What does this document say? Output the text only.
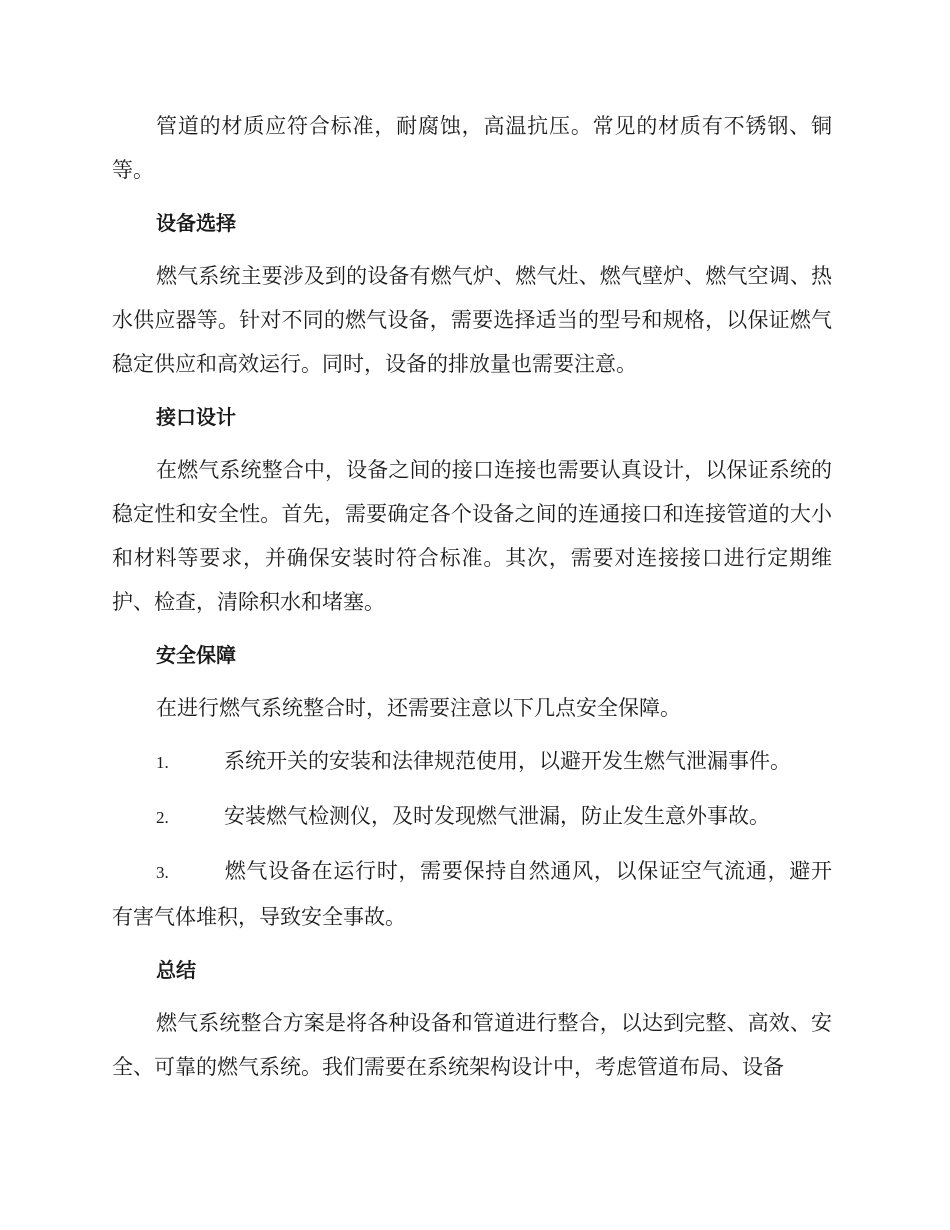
管道的材质应符合标准，耐腐蚀，高温抗压。常见的材质有不锈钢、铜等。

设备选择

燃气系统主要涉及到的设备有燃气炉、燃气灶、燃气壁炉、燃气空调、热水供应器等。针对不同的燃气设备，需要选择适当的型号和规格，以保证燃气稳定供应和高效运行。同时，设备的排放量也需要注意。

接口设计

在燃气系统整合中，设备之间的接口连接也需要认真设计，以保证系统的稳定性和安全性。首先，需要确定各个设备之间的连通接口和连接管道的大小和材料等要求，并确保安装时符合标准。其次，需要对连接接口进行定期维护、检查，清除积水和堵塞。

安全保障

在进行燃气系统整合时，还需要注意以下几点安全保障。

1.	系统开关的安装和法律规范使用，以避开发生燃气泄漏事件。

2.	安装燃气检测仪，及时发现燃气泄漏，防止发生意外事故。

3.	燃气设备在运行时，需要保持自然通风，以保证空气流通，避开有害气体堆积，导致安全事故。

总结

燃气系统整合方案是将各种设备和管道进行整合，以达到完整、高效、安全、可靠的燃气系统。我们需要在系统架构设计中，考虑管道布局、设备
